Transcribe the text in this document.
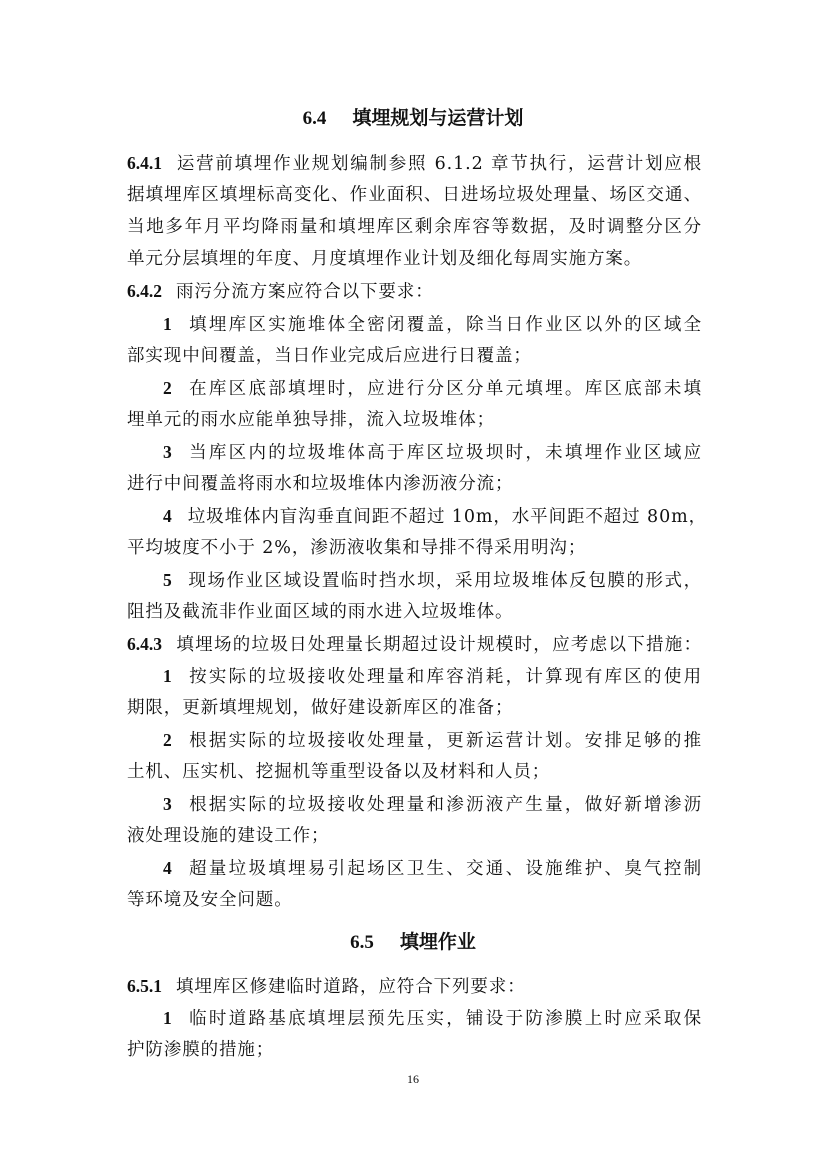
6.4 填埋规划与运营计划
6.4.1 运营前填埋作业规划编制参照 6.1.2 章节执行，运营计划应根
据填埋库区填埋标高变化、作业面积、日进场垃圾处理量、场区交通、
当地多年月平均降雨量和填埋库区剩余库容等数据，及时调整分区分
单元分层填埋的年度、月度填埋作业计划及细化每周实施方案。
6.4.2 雨污分流方案应符合以下要求：
1 填埋库区实施堆体全密闭覆盖，除当日作业区以外的区域全
部实现中间覆盖，当日作业完成后应进行日覆盖；
2 在库区底部填埋时，应进行分区分单元填埋。库区底部未填
埋单元的雨水应能单独导排，流入垃圾堆体；
3 当库区内的垃圾堆体高于库区垃圾坝时，未填埋作业区域应
进行中间覆盖将雨水和垃圾堆体内渗沥液分流；
4 垃圾堆体内盲沟垂直间距不超过 10m，水平间距不超过 80m，
平均坡度不小于 2%，渗沥液收集和导排不得采用明沟；
5 现场作业区域设置临时挡水坝，采用垃圾堆体反包膜的形式，
阻挡及截流非作业面区域的雨水进入垃圾堆体。
6.4.3 填埋场的垃圾日处理量长期超过设计规模时，应考虑以下措施：
1 按实际的垃圾接收处理量和库容消耗，计算现有库区的使用
期限，更新填埋规划，做好建设新库区的准备；
2 根据实际的垃圾接收处理量，更新运营计划。安排足够的推
土机、压实机、挖掘机等重型设备以及材料和人员；
3 根据实际的垃圾接收处理量和渗沥液产生量，做好新增渗沥
液处理设施的建设工作；
4 超量垃圾填埋易引起场区卫生、交通、设施维护、臭气控制
等环境及安全问题。
6.5 填埋作业
6.5.1 填埋库区修建临时道路，应符合下列要求：
1 临时道路基底填埋层预先压实，铺设于防渗膜上时应采取保
护防渗膜的措施；
16
